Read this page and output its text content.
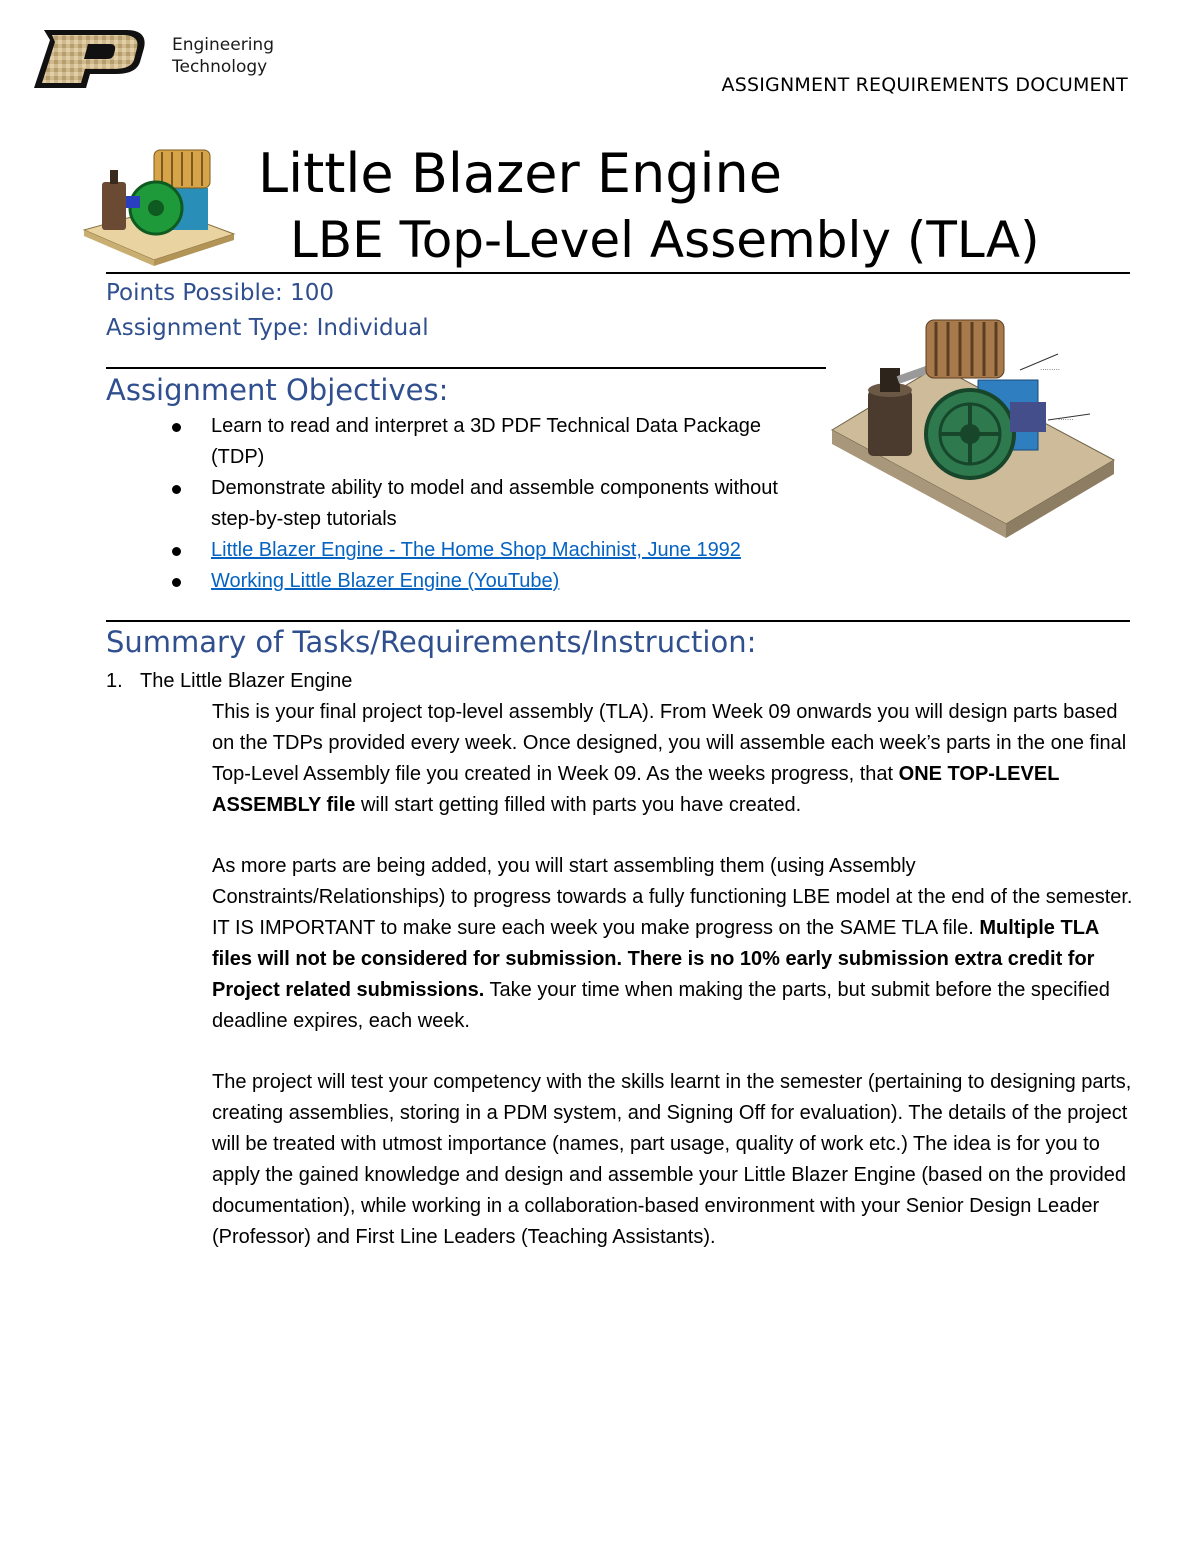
Engineering
Technology
ASSIGNMENT REQUIREMENTS DOCUMENT
Little Blazer Engine
LBE Top-Level Assembly (TLA)
Points Possible: 100
Assignment Type: Individual
.........
.......
Assignment Objectives:
Learn to read and interpret a 3D PDF Technical Data Package (TDP)
Demonstrate ability to model and assemble components without step-by-step tutorials
Little Blazer Engine - The Home Shop Machinist, June 1992
Working Little Blazer Engine (YouTube)
Summary of Tasks/Requirements/Instruction:
1. The Little Blazer Engine

This is your final project top-level assembly (TLA). From Week 09 onwards you will design parts based on the TDPs provided every week. Once designed, you will assemble each week’s parts in the one final Top-Level Assembly file you created in Week 09. As the weeks progress, that ONE TOP-LEVEL ASSEMBLY file will start getting filled with parts you have created.

As more parts are being added, you will start assembling them (using Assembly Constraints/Relationships) to progress towards a fully functioning LBE model at the end of the semester. IT IS IMPORTANT to make sure each week you make progress on the SAME TLA file. Multiple TLA files will not be considered for submission. There is no 10% early submission extra credit for Project related submissions. Take your time when making the parts, but submit before the specified deadline expires, each week.

The project will test your competency with the skills learnt in the semester (pertaining to designing parts, creating assemblies, storing in a PDM system, and Signing Off for evaluation). The details of the project will be treated with utmost importance (names, part usage, quality of work etc.) The idea is for you to apply the gained knowledge and design and assemble your Little Blazer Engine (based on the provided documentation), while working in a collaboration-based environment with your Senior Design Leader (Professor) and First Line Leaders (Teaching Assistants).
